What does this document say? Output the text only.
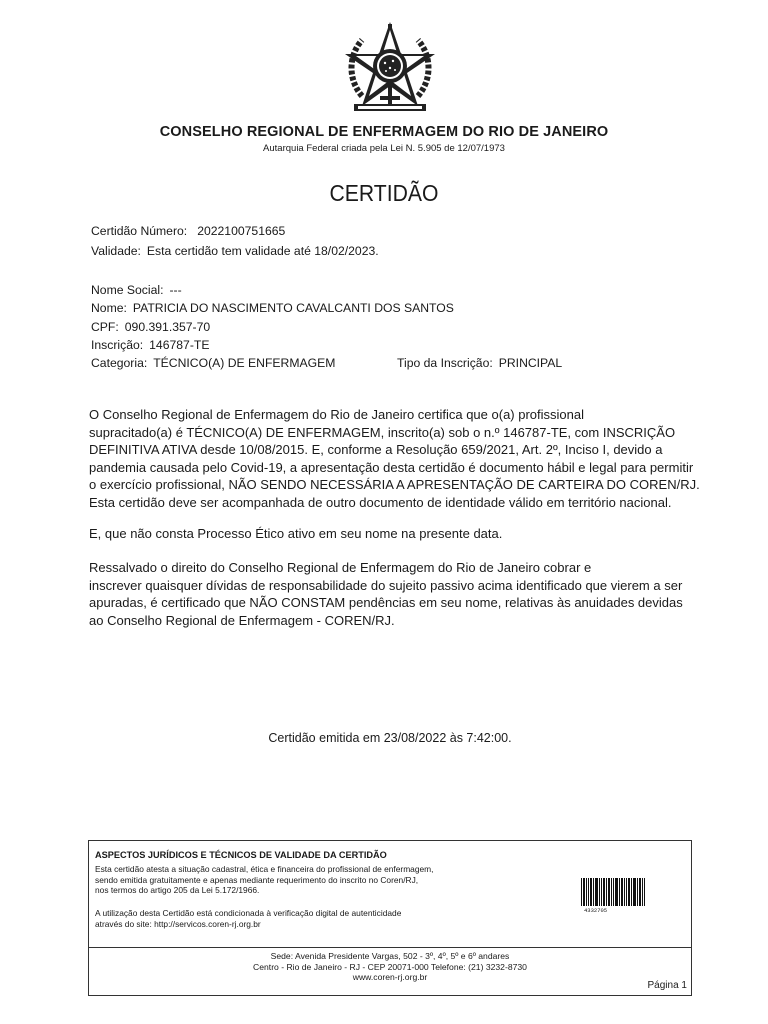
CONSELHO REGIONAL DE ENFERMAGEM DO RIO DE JANEIRO
Autarquia Federal criada pela Lei N. 5.905 de 12/07/1973
CERTIDÃO
Certidão Número: 2022100751665
Validade: Esta certidão tem validade até 18/02/2023.
Nome Social: ---
Nome: PATRICIA DO NASCIMENTO CAVALCANTI DOS SANTOS
CPF: 090.391.357-70
Inscrição: 146787-TE
Categoria: TÉCNICO(A) DE ENFERMAGEM	Tipo da Inscrição: PRINCIPAL

O Conselho Regional de Enfermagem do Rio de Janeiro certifica que o(a) profissional

supracitado(a) é TÉCNICO(A) DE ENFERMAGEM, inscrito(a) sob o n.º 146787-TE, com INSCRIÇÃO

DEFINITIVA ATIVA desde 10/08/2015. E, conforme a Resolução 659/2021, Art. 2º, Inciso I, devido a

pandemia causada pelo Covid-19, a apresentação desta certidão é documento hábil e legal para permitir

o exercício profissional, NÃO SENDO NECESSÁRIA A APRESENTAÇÃO DE CARTEIRA DO COREN/RJ.

Esta certidão deve ser acompanhada de outro documento de identidade válido em território nacional.

E, que não consta Processo Ético ativo em seu nome na presente data.

Ressalvado o direito do Conselho Regional de Enfermagem do Rio de Janeiro cobrar e

inscrever quaisquer dívidas de responsabilidade do sujeito passivo acima identificado que vierem a ser

apuradas, é certificado que NÃO CONSTAM pendências em seu nome, relativas às anuidades devidas

ao Conselho Regional de Enfermagem - COREN/RJ.

Certidão emitida em 23/08/2022 às 7:42:00.
ASPECTOS JURÍDICOS E TÉCNICOS DE VALIDADE DA CERTIDÃO

Esta certidão atesta a situação cadastral, ética e financeira do profissional de enfermagem,

sendo emitida gratuitamente e apenas mediante requerimento do inscrito no Coren/RJ,

nos termos do artigo 205 da Lei 5.172/1966.

A utilização desta Certidão está condicionada à verificação digital de autenticidade

através do site: http://servicos.coren-rj.org.br

4332705

Sede: Avenida Presidente Vargas, 502 - 3º, 4º, 5º e 6º andares

Centro - Rio de Janeiro - RJ - CEP 20071-000 Telefone: (21) 3232-8730

www.coren-rj.org.br

Página 1
